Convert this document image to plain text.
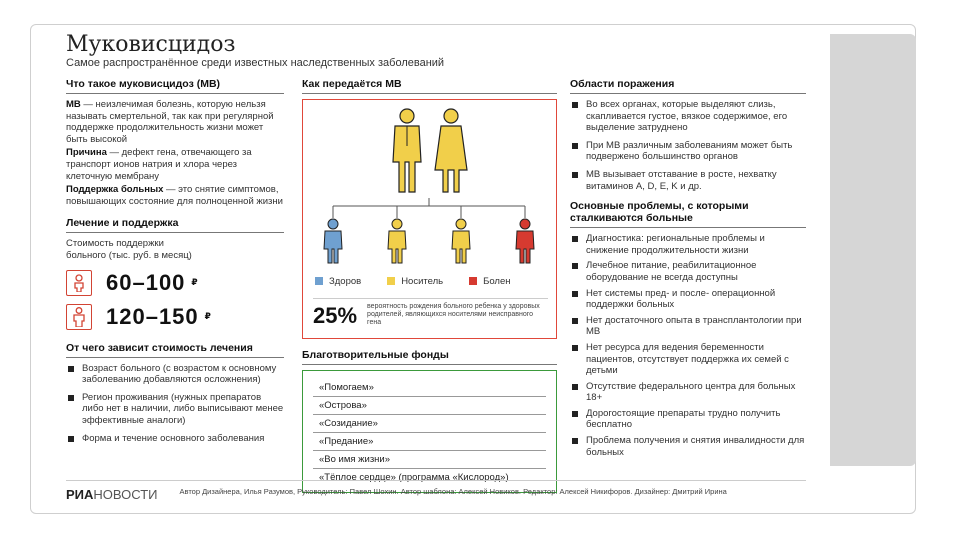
Муковисцидоз
Самое распространённое среди известных наследственных заболеваний
Что такое муковисцидоз (МВ)
МВ — неизлечимая болезнь, которую нельзя называть смертельной, так как при регулярной поддержке продолжительность жизни может быть высокой
Причина — дефект гена, отвечающего за транспорт ионов натрия и хлора через клеточную мембрану
Поддержка больных — это снятие симптомов, повышающих состояние для полноценной жизни
Лечение и поддержка
Стоимость поддержки больного (тыс. руб. в месяц)
60–100 ₽
120–150 ₽
От чего зависит стоимость лечения
Возраст больного (с возрастом к основному заболеванию добавляются осложнения)
Регион проживания (нужных препаратов либо нет в наличии, либо выписывают менее эффективные аналоги)
Форма и течение основного заболевания
Как передаётся МВ
Здоров	Носитель	Болен
25% вероятность рождения больного ребенка у здоровых родителей, являющихся носителями неисправного гена
Благотворительные фонды
«Помогаем»
«Острова»
«Созидание»
«Предание»
«Во имя жизни»
«Тёплое сердце» (программа «Кислород»)
Области поражения
Во всех органах, которые выделяют слизь, скапливается густое, вязкое содержимое, его выделение затруднено
При МВ различным заболеваниям может быть подвержено большинство органов
МВ вызывает отставание в росте, нехватку витаминов A, D, E, K и др.
Основные проблемы, с которыми сталкиваются больные
Диагностика: региональные проблемы и снижение продолжительности жизни
Лечебное питание, реабилитационное оборудование не всегда доступны
Нет системы пред- и после- операционной поддержки больных
Нет достаточного опыта в трансплантологии при МВ
Нет ресурса для ведения беременности пациентов, отсутствует поддержка их семей с детьми
Отсутствие федерального центра для больных 18+
Дорогостоящие препараты трудно получить бесплатно
Проблема получения и снятия инвалидности для больных
РИАНОВОСТИ	Автор Дизайнера, Илья Разумов, Руководитель: Павел Шохин. Автор шаблона: Алексей Новиков. Редактор: Алексей Никифоров. Дизайнер: Дмитрий Ирина
